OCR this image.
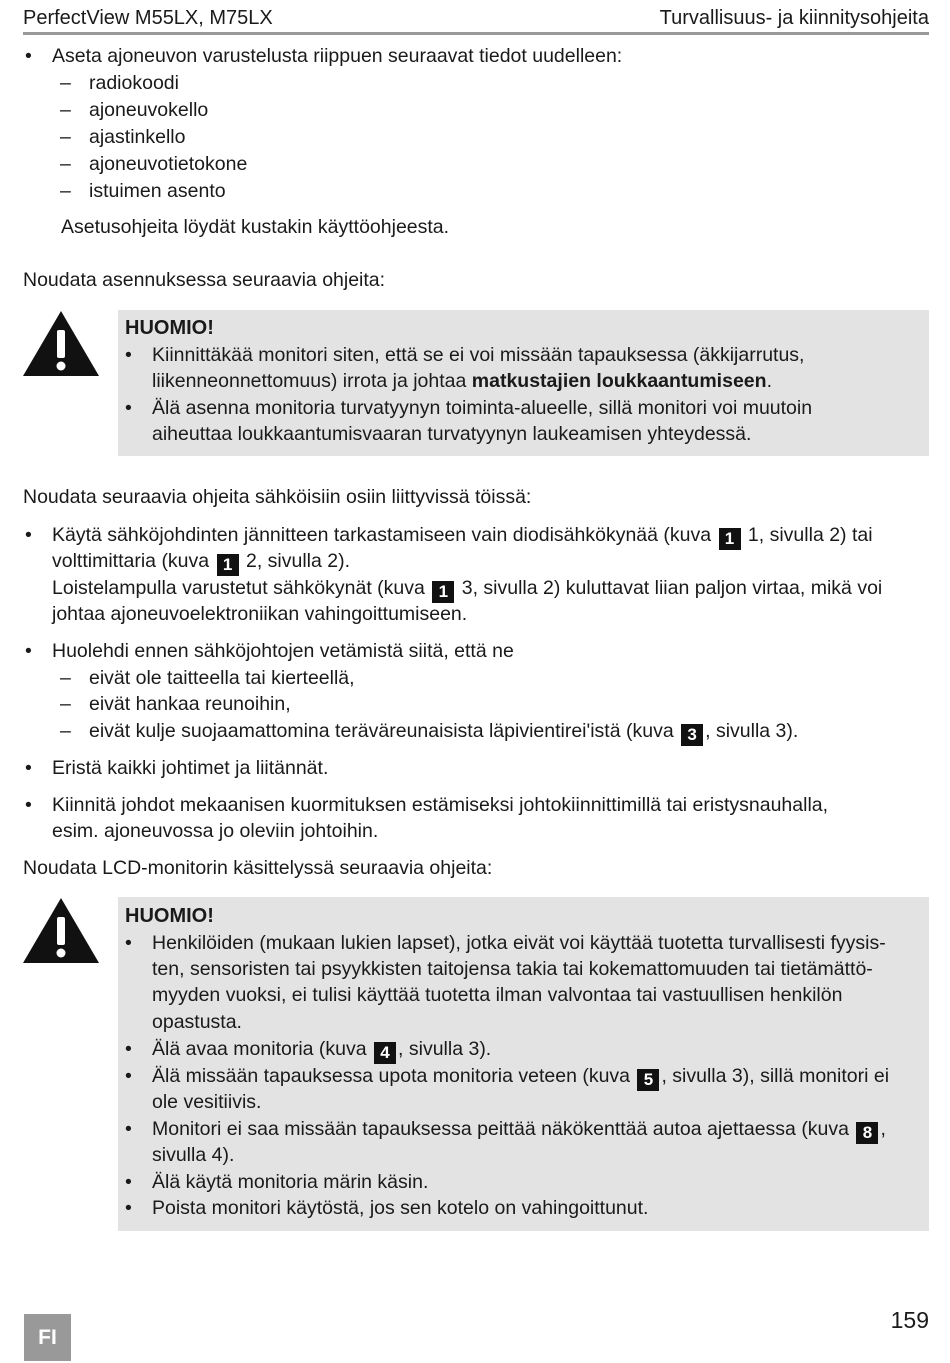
PerfectView M55LX, M75LX	Turvallisuus- ja kiinnitysohjeita
• Aseta ajoneuvon varustelusta riippuen seuraavat tiedot uudelleen:
– radiokoodi
– ajoneuvokello
– ajastinkello
– ajoneuvotietokone
– istuimen asento
Asetusohjeita löydät kustakin käyttöohjeesta.
Noudata asennuksessa seuraavia ohjeita:
HUOMIO!
• Kiinnittäkää monitori siten, että se ei voi missään tapauksessa (äkkijarrutus,
liikenneonnettomuus) irrota ja johtaa matkustajien loukkaantumiseen.
• Älä asenna monitoria turvatyynyn toiminta-alueelle, sillä monitori voi muutoin
aiheuttaa loukkaantumisvaaran turvatyynyn laukeamisen yhteydessä.
Noudata seuraavia ohjeita sähköisiin osiin liittyvissä töissä:
• Käytä sähköjohdinten jännitteen tarkastamiseen vain diodisähkökynää (kuva 1 1, sivulla 2) tai
volttimittaria (kuva 1 2, sivulla 2).
Loistelampulla varustetut sähkökynät (kuva 1 3, sivulla 2) kuluttavat liian paljon virtaa, mikä voi
johtaa ajoneuvoelektroniikan vahingoittumiseen.
• Huolehdi ennen sähköjohtojen vetämistä siitä, että ne
– eivät ole taitteella tai kierteellä,
– eivät hankaa reunoihin,
– eivät kulje suojaamattomina teräväreunaisista läpivientirei'istä (kuva 3 , sivulla 3).
• Eristä kaikki johtimet ja liitännät.
• Kiinnitä johdot mekaanisen kuormituksen estämiseksi johtokiinnittimillä tai eristysnauhalla,
esim. ajoneuvossa jo oleviin johtoihin.
Noudata LCD-monitorin käsittelyssä seuraavia ohjeita:
HUOMIO!
• Henkilöiden (mukaan lukien lapset), jotka eivät voi käyttää tuotetta turvallisesti fyysis-
ten, sensoristen tai psyykkisten taitojensa takia tai kokemattomuuden tai tietämättö-
myyden vuoksi, ei tulisi käyttää tuotetta ilman valvontaa tai vastuullisen henkilön
opastusta.
• Älä avaa monitoria (kuva 4 , sivulla 3).
• Älä missään tapauksessa upota monitoria veteen (kuva 5 , sivulla 3), sillä monitori ei
ole vesitiivis.
• Monitori ei saa missään tapauksessa peittää näkökenttää autoa ajettaessa (kuva 8 ,
sivulla 4).
• Älä käytä monitoria märin käsin.
• Poista monitori käytöstä, jos sen kotelo on vahingoittunut.
FI
159
